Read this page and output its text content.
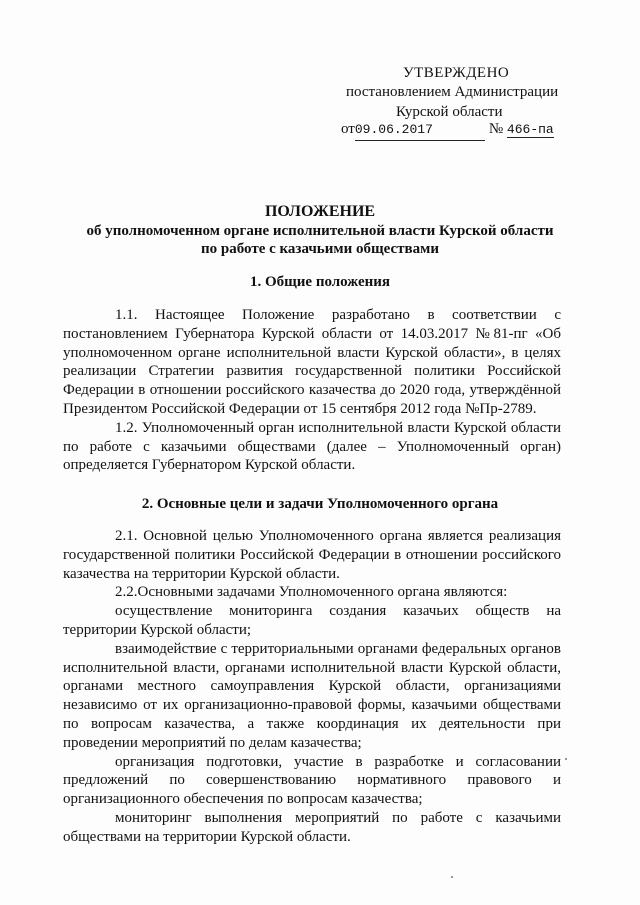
УТВЕРЖДЕНО
постановлением Администрации
Курской области
от09.06.2017	№ 466-па
ПОЛОЖЕНИЕ
об уполномоченном органе исполнительной власти Курской области
по работе с казачьими обществами
1. Общие положения

1.1. Настоящее Положение разработано в соответствии с постановлением Губернатора Курской области от 14.03.2017 №81-пг «Об уполномоченном органе исполнительной власти Курской области», в целях реализации Стратегии развития государственной политики Российской Федерации в отношении российского казачества до 2020 года, утверждённой Президентом Российской Федерации от 15 сентября 2012 года №Пр-2789.

1.2. Уполномоченный орган исполнительной власти Курской области по работе с казачьими обществами (далее – Уполномоченный орган) определяется Губернатором Курской области.

2. Основные цели и задачи Уполномоченного органа

2.1. Основной целью Уполномоченного органа является реализация государственной политики Российской Федерации в отношении российского казачества на территории Курской области.

2.2.Основными задачами Уполномоченного органа являются:

осуществление мониторинга создания казачьих обществ на территории Курской области;

взаимодействие с территориальными органами федеральных органов исполнительной власти, органами исполнительной власти Курской области, органами местного самоуправления Курской области, организациями независимо от их организационно-правовой формы, казачьими обществами по вопросам казачества, а также координация их деятельности при проведении мероприятий по делам казачества;

организация подготовки, участие в разработке и согласовании предложений по совершенствованию нормативного правового и организационного обеспечения по вопросам казачества;

мониторинг выполнения мероприятий по работе с казачьими обществами на территории Курской области.
